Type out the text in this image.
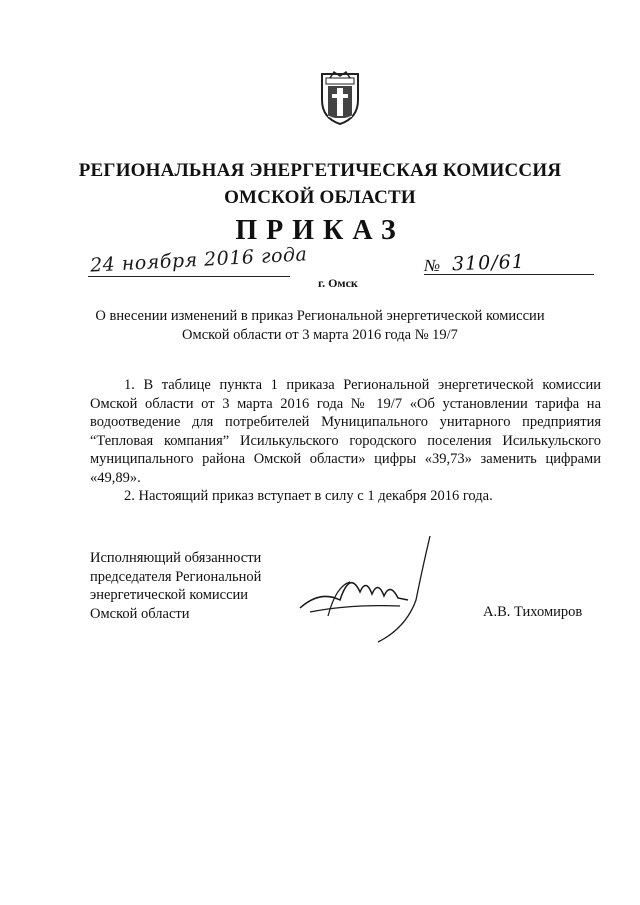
РЕГИОНАЛЬНАЯ ЭНЕРГЕТИЧЕСКАЯ КОМИССИЯ
ОМСКОЙ ОБЛАСТИ
ПРИКАЗ
24 ноября 2016 года
г. Омск
№ 310/61
О внесении изменений в приказ Региональной энергетической комиссии
Омской области от 3 марта 2016 года № 19/7

1. В таблице пункта 1 приказа Региональной энергетической комиссии Омской области от 3 марта 2016 года № 19/7 «Об установлении тарифа на водоотведение для потребителей Муниципального унитарного предприятия “Тепловая компания” Исилькульского городского поселения Исилькульского муниципального района Омской области» цифры «39,73» заменить цифрами «49,89».

2. Настоящий приказ вступает в силу с 1 декабря 2016 года.

Исполняющий обязанности
председателя Региональной
энергетической комиссии
Омской области	А.В. Тихомиров
